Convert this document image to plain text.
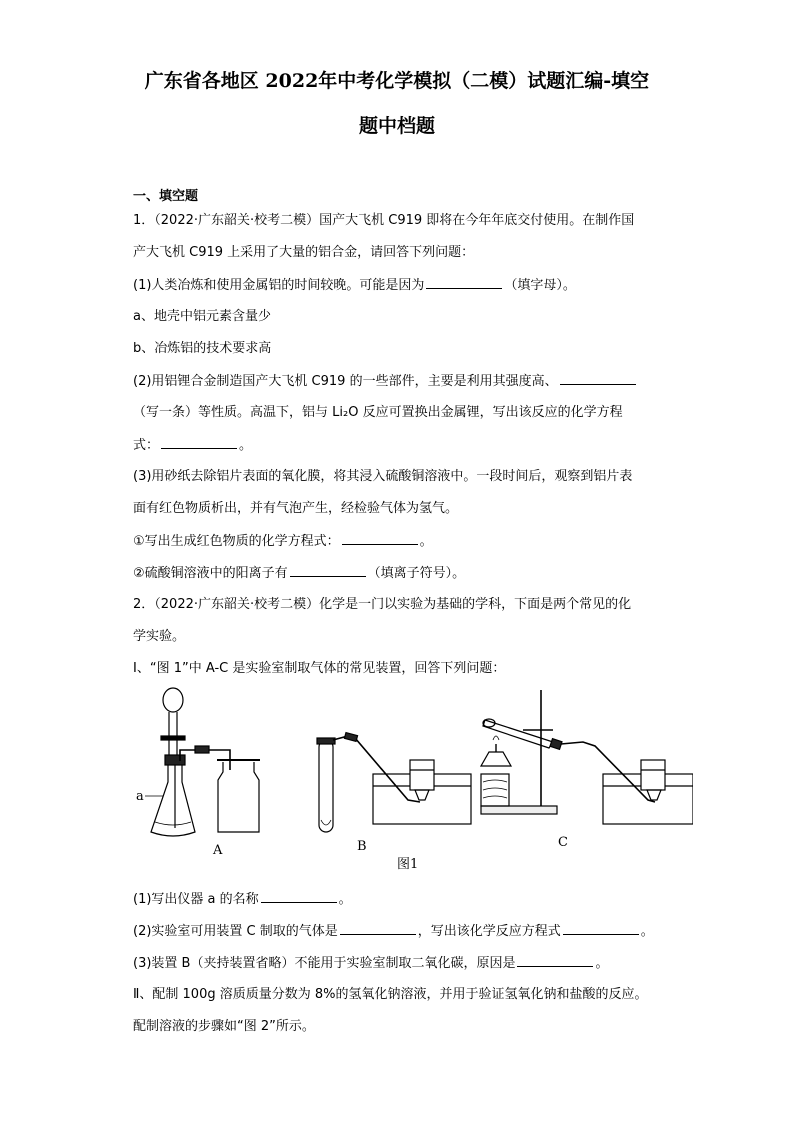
广东省各地区 2022年中考化学模拟（二模）试题汇编-填空
题中档题
一、填空题
1．（2022·广东韶关·校考二模）国产大飞机 C919 即将在今年年底交付使用。在制作国
产大飞机 C919 上采用了大量的铝合金，请回答下列问题：
(1)人类冶炼和使用金属铝的时间较晚。可能是因为	（填字母）。
a、地壳中铝元素含量少
b、冶炼铝的技术要求高
(2)用铝锂合金制造国产大飞机 C919 的一些部件，主要是利用其强度高、
（写一条）等性质。高温下，铝与 Li₂O 反应可置换出金属锂，写出该反应的化学方程
式：	。
(3)用砂纸去除铝片表面的氧化膜，将其浸入硫酸铜溶液中。一段时间后，观察到铝片表
面有红色物质析出，并有气泡产生，经检验气体为氢气。
①写出生成红色物质的化学方程式：	。
②硫酸铜溶液中的阳离子有	（填离子符号）。
2．（2022·广东韶关·校考二模）化学是一门以实验为基础的学科，下面是两个常见的化
学实验。
I、“图 1”中 A-C 是实验室制取气体的常见装置，回答下列问题：
a
A	B	C
图1
(1)写出仪器 a 的名称	。
(2)实验室可用装置 C 制取的气体是	，写出该化学反应方程式	。
(3)装置 B（夹持装置省略）不能用于实验室制取二氧化碳，原因是	。
Ⅱ、配制 100g 溶质质量分数为 8%的氢氧化钠溶液，并用于验证氢氧化钠和盐酸的反应。
配制溶液的步骤如“图 2”所示。
